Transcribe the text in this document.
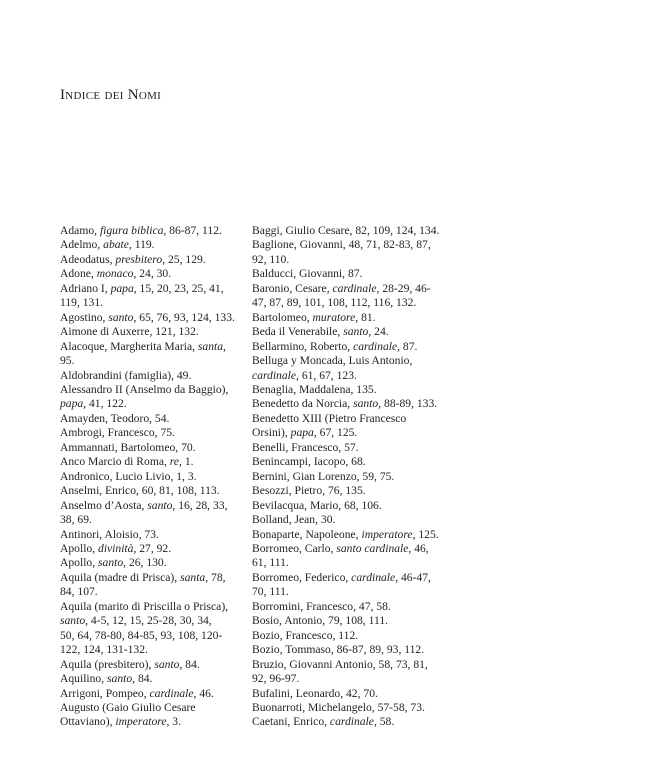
Indice dei Nomi
Adamo, figura biblica, 86-87, 112.
Adelmo, abate, 119.
Adeodatus, presbitero, 25, 129.
Adone, monaco, 24, 30.
Adriano I, papa, 15, 20, 23, 25, 41,
119, 131.
Agostino, santo, 65, 76, 93, 124, 133.
Aimone di Auxerre, 121, 132.
Alacoque, Margherita Maria, santa,
95.
Aldobrandini (famiglia), 49.
Alessandro II (Anselmo da Baggio),
papa, 41, 122.
Amayden, Teodoro, 54.
Ambrogi, Francesco, 75.
Ammannati, Bartolomeo, 70.
Anco Marcio di Roma, re, 1.
Andronico, Lucio Livio, 1, 3.
Anselmi, Enrico, 60, 81, 108, 113.
Anselmo d’Aosta, santo, 16, 28, 33,
38, 69.
Antinori, Aloisio, 73.
Apollo, divinità, 27, 92.
Apollo, santo, 26, 130.
Aquila (madre di Prisca), santa, 78,
84, 107.
Aquila (marito di Priscilla o Prisca),
santo, 4-5, 12, 15, 25-28, 30, 34,
50, 64, 78-80, 84-85, 93, 108, 120-
122, 124, 131-132.
Aquila (presbitero), santo, 84.
Aquilino, santo, 84.
Arrigoni, Pompeo, cardinale, 46.
Augusto (Gaio Giulio Cesare
Ottaviano), imperatore, 3.
Baggi, Giulio Cesare, 82, 109, 124, 134.
Baglione, Giovanni, 48, 71, 82-83, 87,
92, 110.
Balducci, Giovanni, 87.
Baronio, Cesare, cardinale, 28-29, 46-
47, 87, 89, 101, 108, 112, 116, 132.
Bartolomeo, muratore, 81.
Beda il Venerabile, santo, 24.
Bellarmino, Roberto, cardinale, 87.
Belluga y Moncada, Luis Antonio,
cardinale, 61, 67, 123.
Benaglia, Maddalena, 135.
Benedetto da Norcia, santo, 88-89, 133.
Benedetto XIII (Pietro Francesco
Orsini), papa, 67, 125.
Benelli, Francesco, 57.
Benincampi, Iacopo, 68.
Bernini, Gian Lorenzo, 59, 75.
Besozzi, Pietro, 76, 135.
Bevilacqua, Mario, 68, 106.
Bolland, Jean, 30.
Bonaparte, Napoleone, imperatore, 125.
Borromeo, Carlo, santo cardinale, 46,
61, 111.
Borromeo, Federico, cardinale, 46-47,
70, 111.
Borromini, Francesco, 47, 58.
Bosio, Antonio, 79, 108, 111.
Bozio, Francesco, 112.
Bozio, Tommaso, 86-87, 89, 93, 112.
Bruzio, Giovanni Antonio, 58, 73, 81,
92, 96-97.
Bufalini, Leonardo, 42, 70.
Buonarroti, Michelangelo, 57-58, 73.
Caetani, Enrico, cardinale, 58.
